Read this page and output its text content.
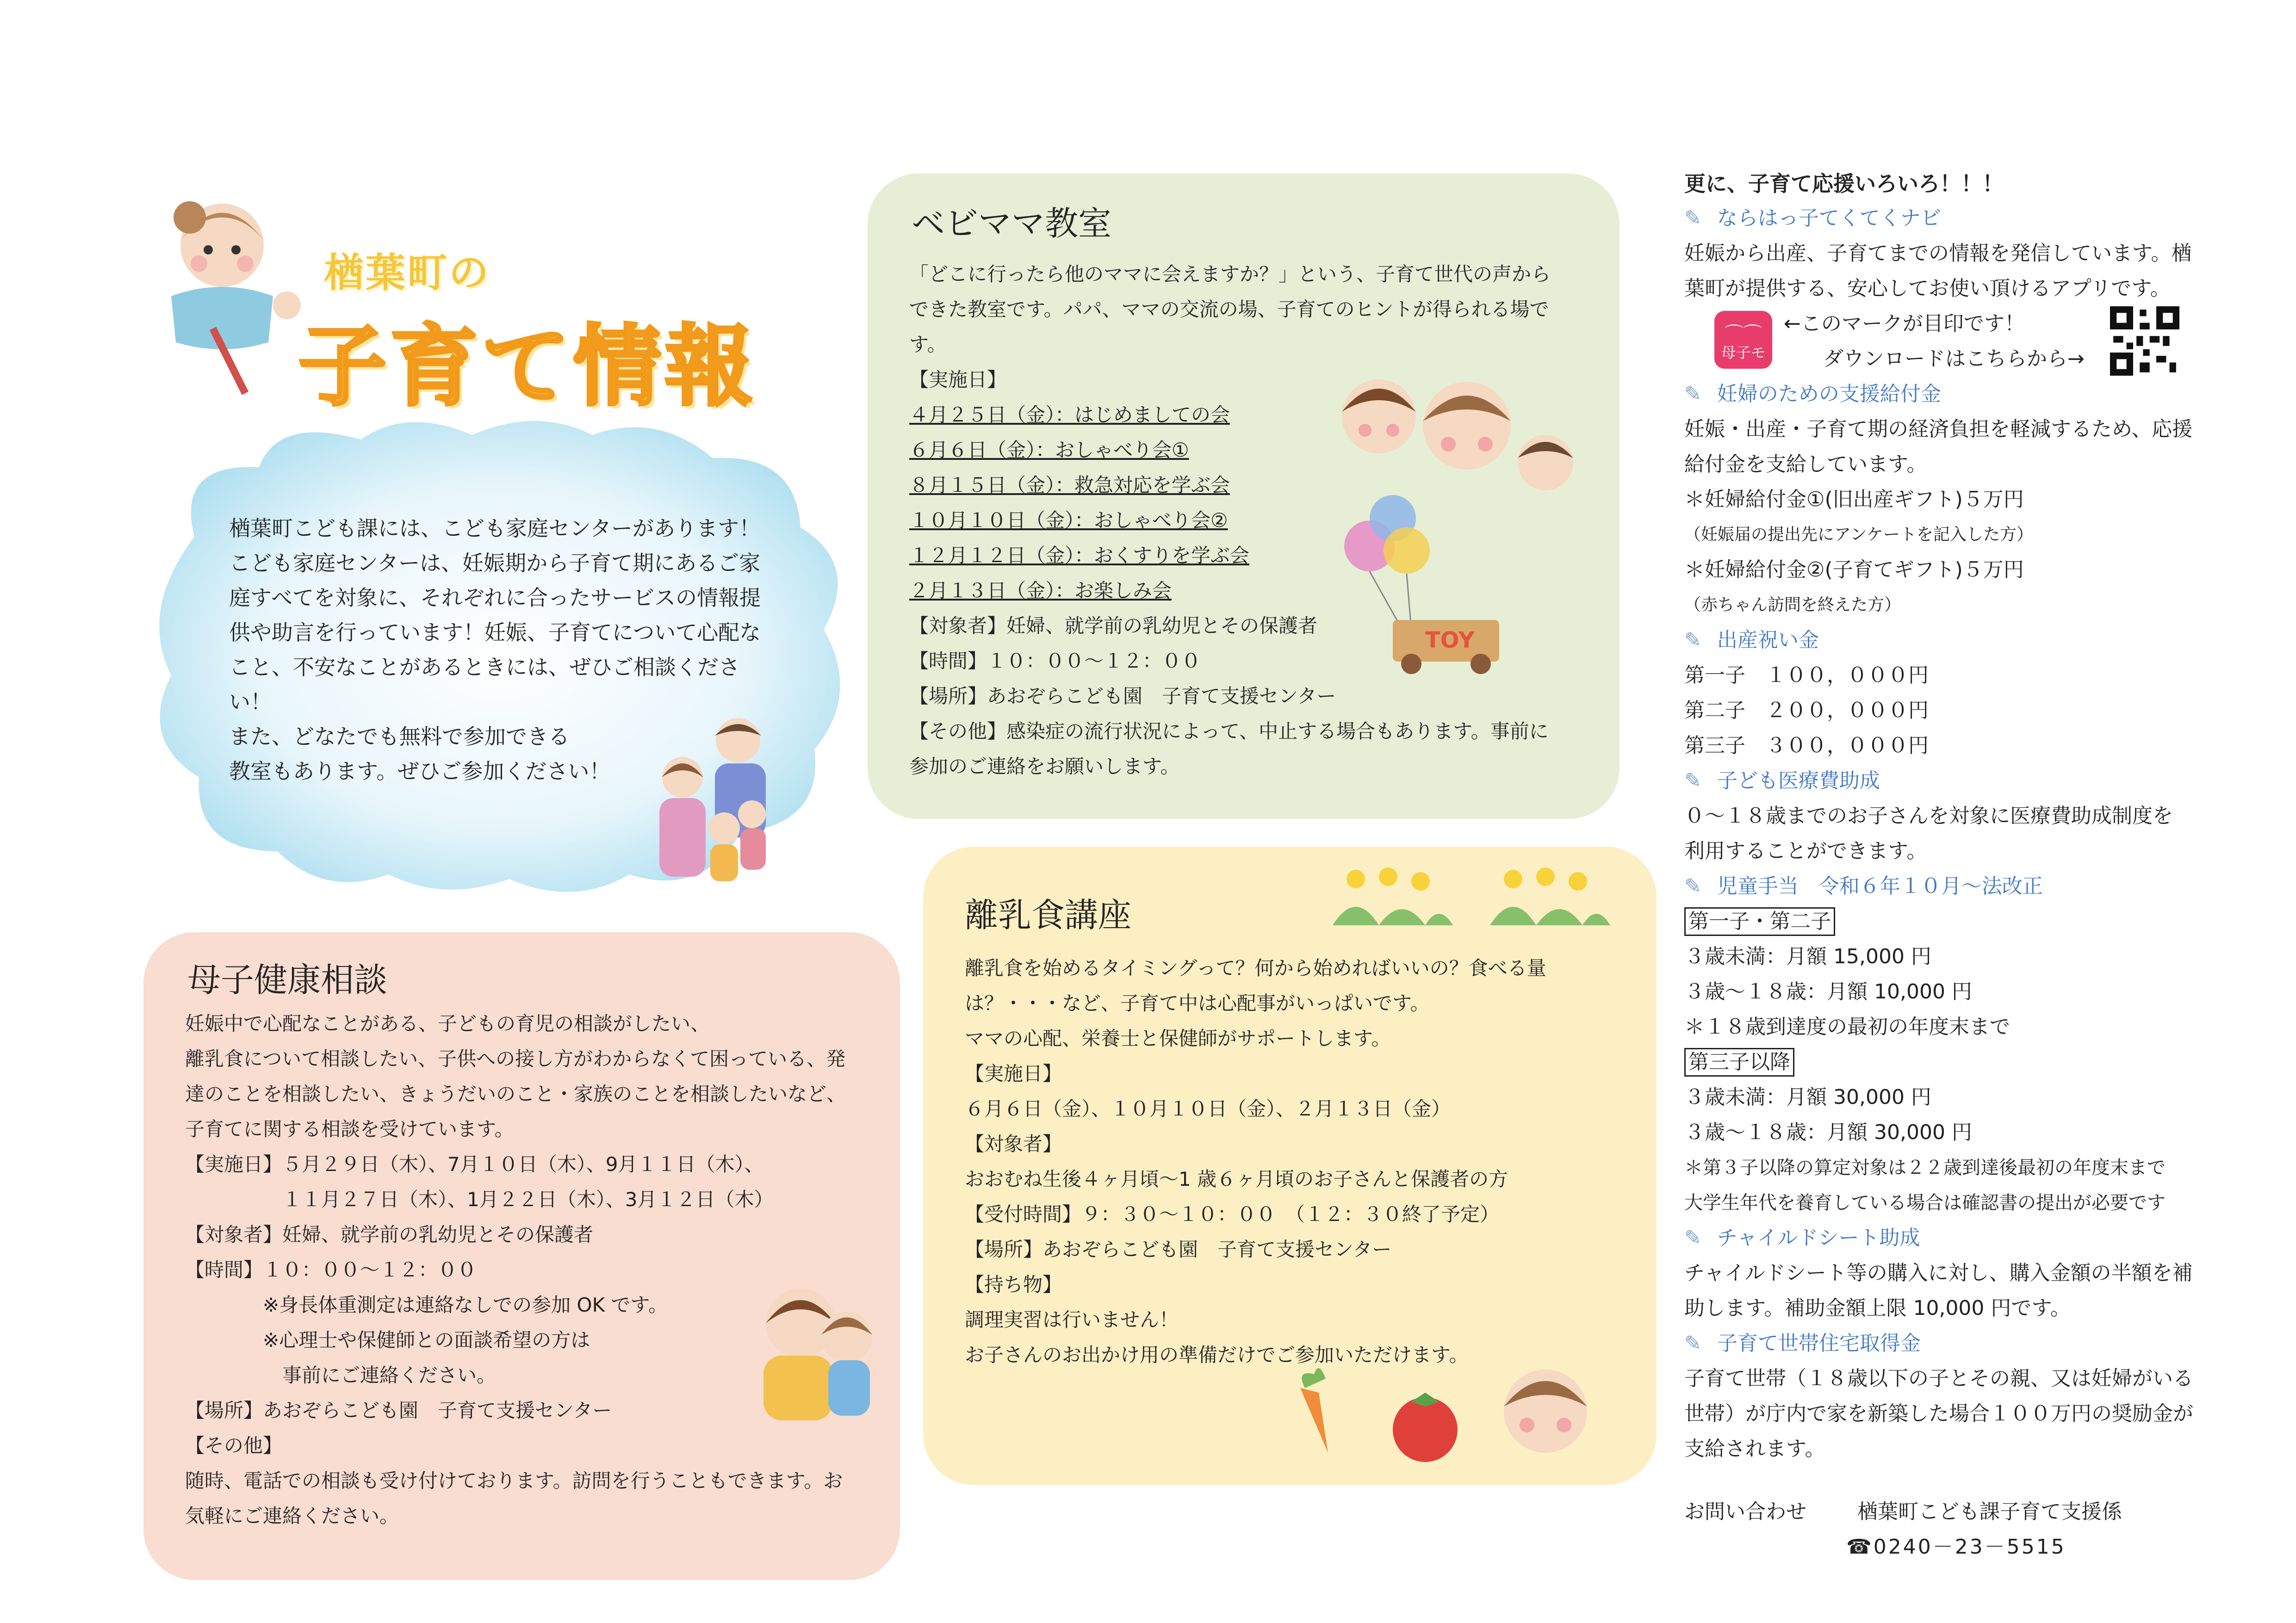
楢葉町の
子育て情報

楢葉町こども課には、こども家庭センターがあります！

こども家庭センターは、妊娠期から子育て期にあるご家

庭すべてを対象に、それぞれに合ったサービスの情報提

供や助言を行っています！妊娠、子育てについて心配な

こと、不安なことがあるときには、ぜひご相談くださ

い！

また、どなたでも無料で参加できる

教室もあります。ぜひご参加ください！

ベビママ教室

「どこに行ったら他のママに会えますか？」という、子育て世代の声から

できた教室です。パパ、ママの交流の場、子育てのヒントが得られる場で

す。

【実施日】

４月２５日（金）：はじめましての会

６月６日（金）：おしゃべり会①

８月１５日（金）：救急対応を学ぶ会

１０月１０日（金）：おしゃべり会②

１２月１２日（金）：おくすりを学ぶ会

２月１３日（金）：お楽しみ会

【対象者】妊婦、就学前の乳幼児とその保護者

【時間】１０：００～１２：００

【場所】あおぞらこども園　子育て支援センター

【その他】感染症の流行状況によって、中止する場合もあります。事前に

参加のご連絡をお願いします。

TOY
離乳食講座

離乳食を始めるタイミングって？何から始めればいいの？食べる量

は？・・・など、子育て中は心配事がいっぱいです。

ママの心配、栄養士と保健師がサポートします。

【実施日】

６月６日（金）、１０月１０日（金）、２月１３日（金）

【対象者】

おおむね生後４ヶ月頃～1 歳６ヶ月頃のお子さんと保護者の方

【受付時間】９：３０～１０：００　（１２：３０終了予定）

【場所】あおぞらこども園　子育て支援センター

【持ち物】

調理実習は行いません！

お子さんのお出かけ用の準備だけでご参加いただけます。

母子健康相談

妊娠中で心配なことがある、子どもの育児の相談がしたい、

離乳食について相談したい、子供への接し方がわからなくて困っている、発

達のことを相談したい、きょうだいのこと・家族のことを相談したいなど、

子育てに関する相談を受けています。

【実施日】５月２９日（木）、7月１０日（木）、9月１１日（木）、

　　　　　１１月２７日（木）、1月２２日（木）、3月１２日（木）

【対象者】妊婦、就学前の乳幼児とその保護者

【時間】１０：００～１２：００

　　　　※身長体重測定は連絡なしでの参加 OK です。

　　　　※心理士や保健師との面談希望の方は

　　　　　事前にご連絡ください。

【場所】あおぞらこども園　子育て支援センター

【その他】

随時、電話での相談も受け付けております。訪問を行うこともできます。お

気軽にご連絡ください。

更に、子育て応援いろいろ！！！

✎ ならはっ子てくてくナビ

妊娠から出産、子育てまでの情報を発信しています。楢

葉町が提供する、安心してお使い頂けるアプリです。

⌒⌒
母子モ

←このマークが目印です！

ダウンロードはこちらから→

✎ 妊婦のための支援給付金

妊娠・出産・子育て期の経済負担を軽減するため、応援

給付金を支給しています。

＊妊婦給付金①(旧出産ギフト)５万円

（妊娠届の提出先にアンケートを記入した方）

＊妊婦給付金②(子育てギフト)５万円

（赤ちゃん訪問を終えた方）

✎ 出産祝い金

第一子　１００，０００円

第二子　２００，０００円

第三子　３００，０００円

✎ 子ども医療費助成

０～１８歳までのお子さんを対象に医療費助成制度を

利用することができます。

✎ 児童手当　令和６年１０月～法改正

第一子・第二子

３歳未満：月額 15,000 円

３歳～１８歳：月額 10,000 円

＊１８歳到達度の最初の年度末まで

第三子以降

３歳未満：月額 30,000 円

３歳～１８歳：月額 30,000 円

＊第３子以降の算定対象は２２歳到達後最初の年度末まで

大学生年代を養育している場合は確認書の提出が必要です

✎ チャイルドシート助成

チャイルドシート等の購入に対し、購入金額の半額を補

助します。補助金額上限 10,000 円です。

✎ 子育て世帯住宅取得金

子育て世帯（１８歳以下の子とその親、又は妊婦がいる

世帯）が庁内で家を新築した場合１００万円の奨励金が

支給されます。

お問い合わせ	楢葉町こども課子育て支援係

☎0240－23－5515
